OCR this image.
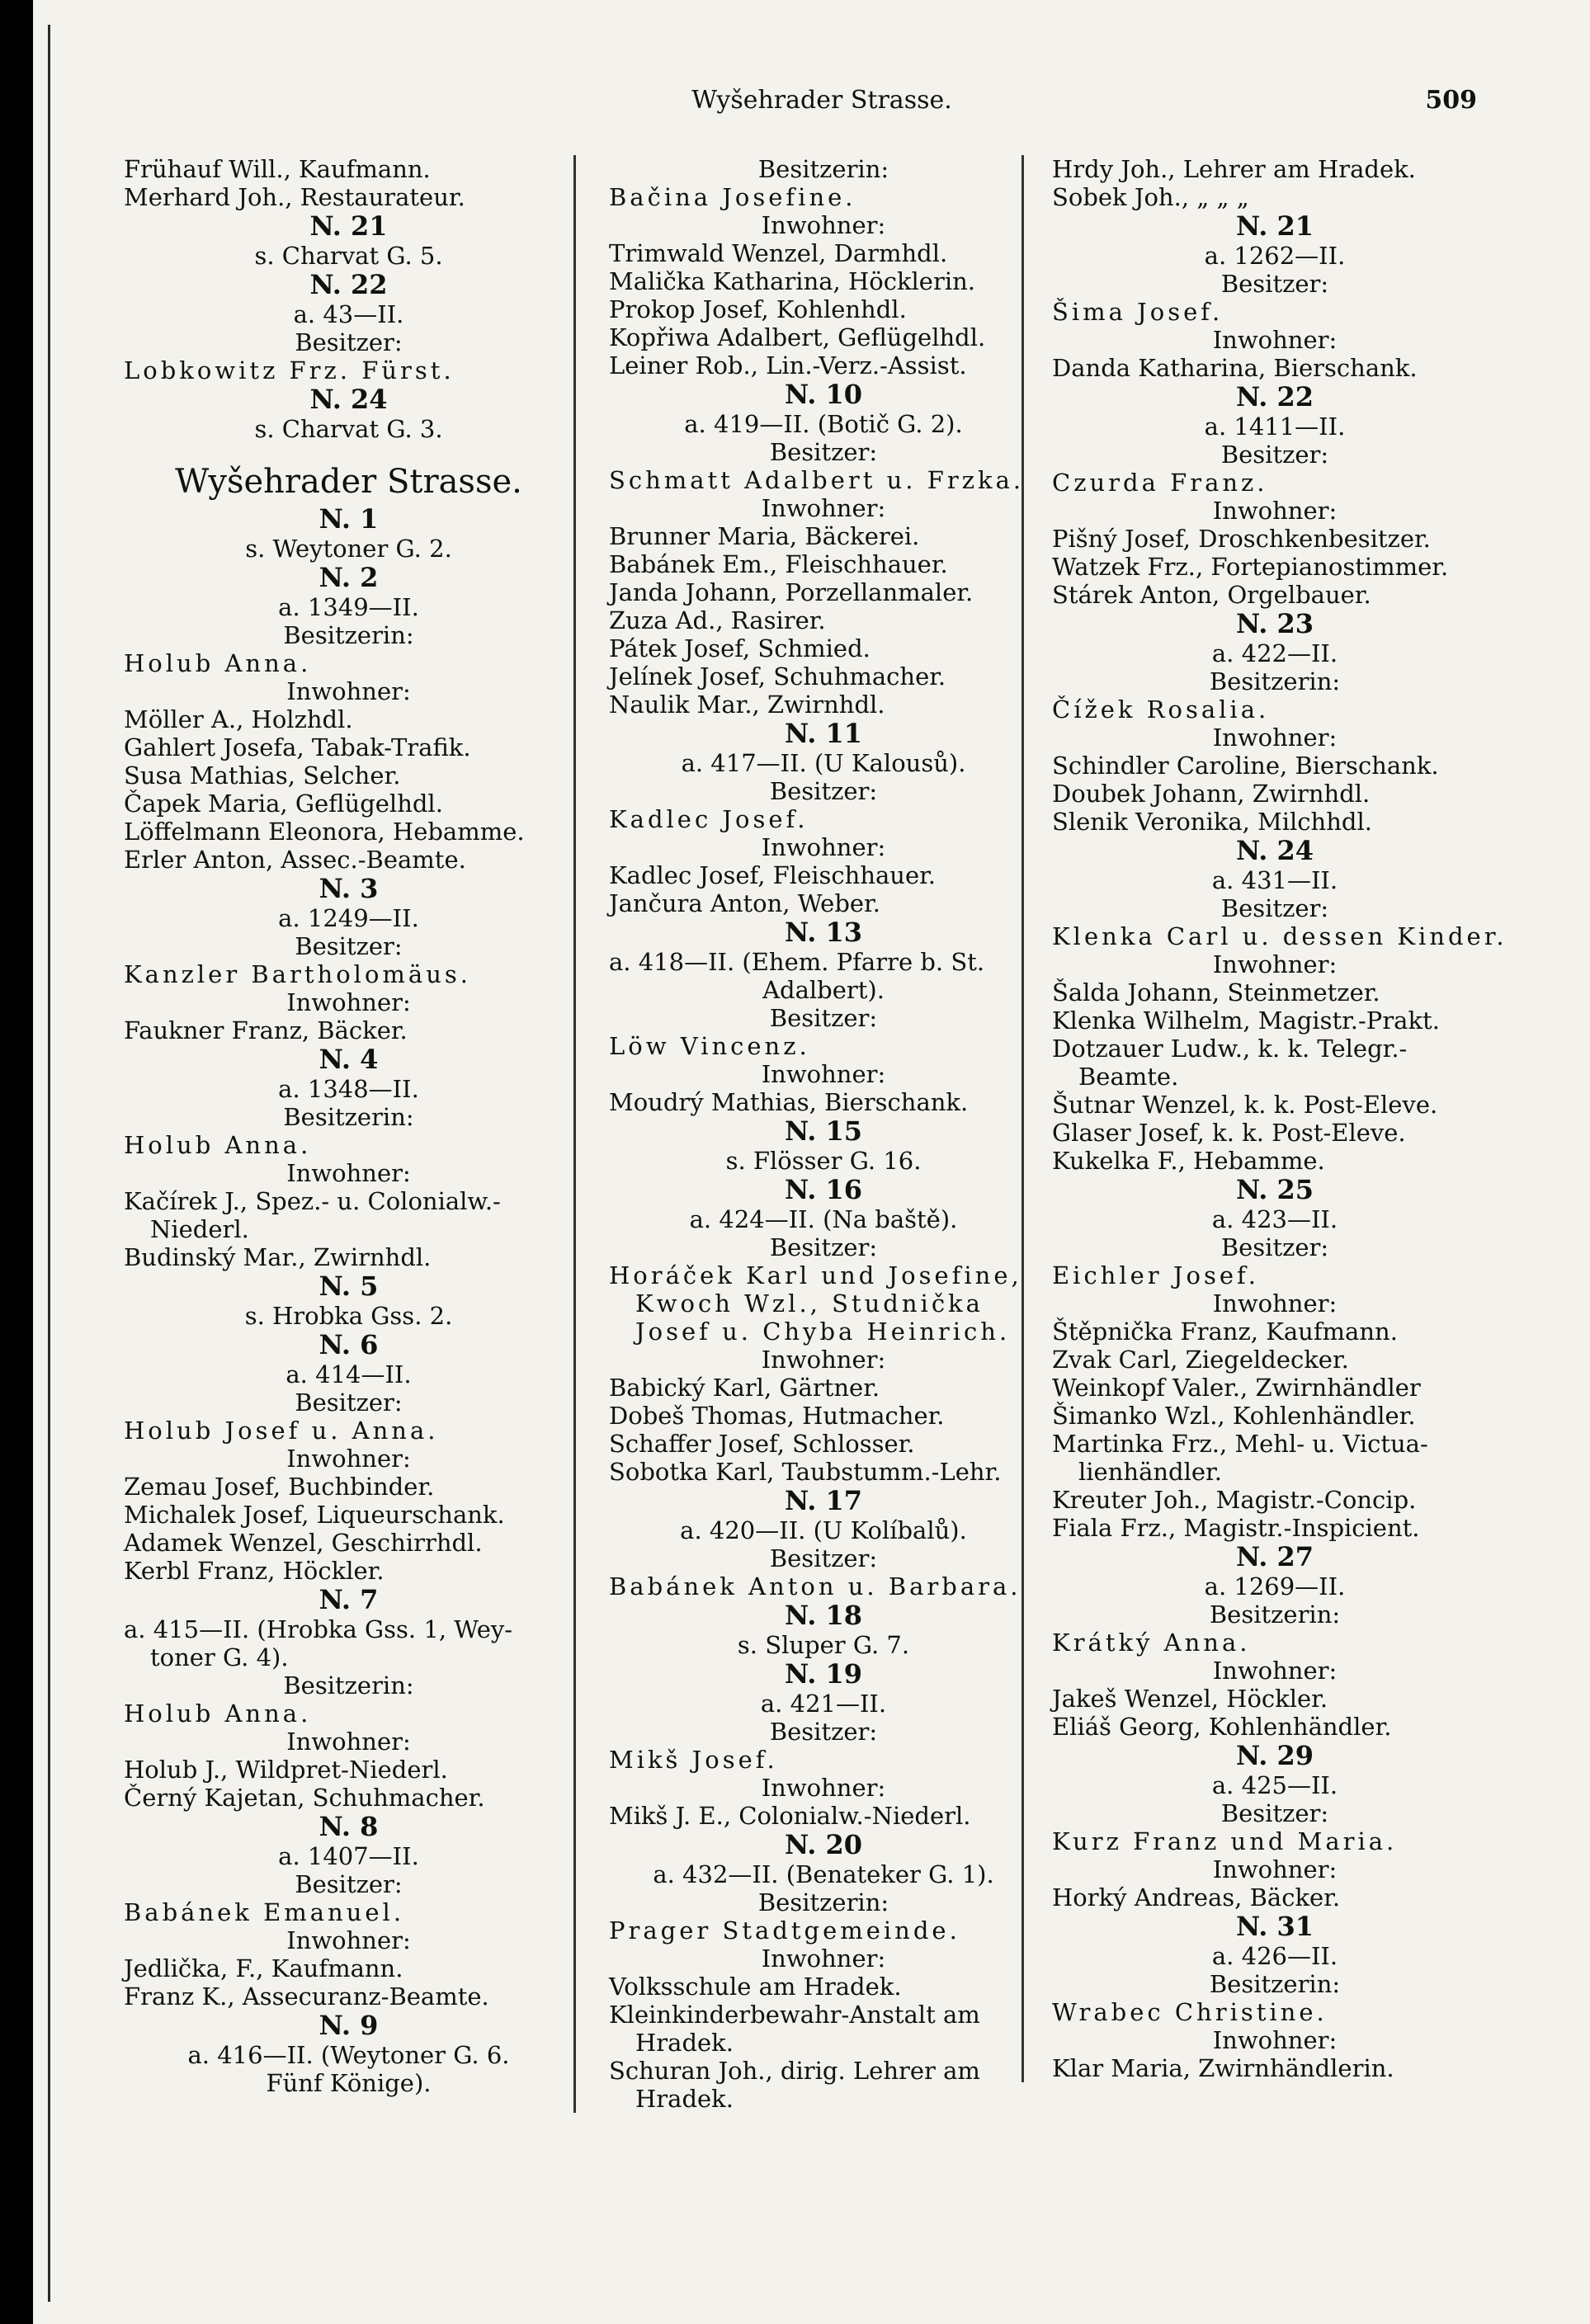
Wyšehrader Strasse.	509
Frühauf Will., Kaufmann.
Merhard Joh., Restaurateur.
N. 21
s. Charvat G. 5.
N. 22
a. 43—II.
Besitzer:
Lobkowitz Frz. Fürst.
N. 24
s. Charvat G. 3.
Wyšehrader Strasse.
N. 1
s. Weytoner G. 2.
N. 2
a. 1349—II.
Besitzerin:
Holub Anna.
Inwohner:
Möller A., Holzhdl.
Gahlert Josefa, Tabak-Trafik.
Susa Mathias, Selcher.
Čapek Maria, Geflügelhdl.
Löffelmann Eleonora, Hebamme.
Erler Anton, Assec.-Beamte.
N. 3
a. 1249—II.
Besitzer:
Kanzler Bartholomäus.
Inwohner:
Faukner Franz, Bäcker.
N. 4
a. 1348—II.
Besitzerin:
Holub Anna.
Inwohner:
Kačírek J., Spez.- u. Colonialw.-
Niederl.
Budinský Mar., Zwirnhdl.
N. 5
s. Hrobka Gss. 2.
N. 6
a. 414—II.
Besitzer:
Holub Josef u. Anna.
Inwohner:
Zemau Josef, Buchbinder.
Michalek Josef, Liqueurschank.
Adamek Wenzel, Geschirrhdl.
Kerbl Franz, Höckler.
N. 7
a. 415—II. (Hrobka Gss. 1, Wey-
toner G. 4).
Besitzerin:
Holub Anna.
Inwohner:
Holub J., Wildpret-Niederl.
Černý Kajetan, Schuhmacher.
N. 8
a. 1407—II.
Besitzer:
Babánek Emanuel.
Inwohner:
Jedlička, F., Kaufmann.
Franz K., Assecuranz-Beamte.
N. 9
a. 416—II. (Weytoner G. 6.
Fünf Könige).
Besitzerin:
Bačina Josefine.
Inwohner:
Trimwald Wenzel, Darmhdl.
Malička Katharina, Höcklerin.
Prokop Josef, Kohlenhdl.
Kopřiwa Adalbert, Geflügelhdl.
Leiner Rob., Lin.-Verz.-Assist.
N. 10
a. 419—II. (Botič G. 2).
Besitzer:
Schmatt Adalbert u. Frzka.
Inwohner:
Brunner Maria, Bäckerei.
Babánek Em., Fleischhauer.
Janda Johann, Porzellanmaler.
Zuza Ad., Rasirer.
Pátek Josef, Schmied.
Jelínek Josef, Schuhmacher.
Naulik Mar., Zwirnhdl.
N. 11
a. 417—II. (U Kalousů).
Besitzer:
Kadlec Josef.
Inwohner:
Kadlec Josef, Fleischhauer.
Jančura Anton, Weber.
N. 13
a. 418—II. (Ehem. Pfarre b. St.
Adalbert).
Besitzer:
Löw Vincenz.
Inwohner:
Moudrý Mathias, Bierschank.
N. 15
s. Flösser G. 16.
N. 16
a. 424—II. (Na baště).
Besitzer:
Horáček Karl und Josefine,
Kwoch Wzl., Studnička
Josef u. Chyba Heinrich.
Inwohner:
Babický Karl, Gärtner.
Dobeš Thomas, Hutmacher.
Schaffer Josef, Schlosser.
Sobotka Karl, Taubstumm.-Lehr.
N. 17
a. 420—II. (U Kolíbalů).
Besitzer:
Babánek Anton u. Barbara.
N. 18
s. Sluper G. 7.
N. 19
a. 421—II.
Besitzer:
Mikš Josef.
Inwohner:
Mikš J. E., Colonialw.-Niederl.
N. 20
a. 432—II. (Benateker G. 1).
Besitzerin:
Prager Stadtgemeinde.
Inwohner:
Volksschule am Hradek.
Kleinkinderbewahr-Anstalt am
Hradek.
Schuran Joh., dirig. Lehrer am
Hradek.
Hrdy Joh., Lehrer am Hradek.
Sobek Joh., „ „ „
N. 21
a. 1262—II.
Besitzer:
Šima Josef.
Inwohner:
Danda Katharina, Bierschank.
N. 22
a. 1411—II.
Besitzer:
Czurda Franz.
Inwohner:
Pišný Josef, Droschkenbesitzer.
Watzek Frz., Fortepianostimmer.
Stárek Anton, Orgelbauer.
N. 23
a. 422—II.
Besitzerin:
Čížek Rosalia.
Inwohner:
Schindler Caroline, Bierschank.
Doubek Johann, Zwirnhdl.
Slenik Veronika, Milchhdl.
N. 24
a. 431—II.
Besitzer:
Klenka Carl u. dessen Kinder.
Inwohner:
Šalda Johann, Steinmetzer.
Klenka Wilhelm, Magistr.-Prakt.
Dotzauer Ludw., k. k. Telegr.-
Beamte.
Šutnar Wenzel, k. k. Post-Eleve.
Glaser Josef, k. k. Post-Eleve.
Kukelka F., Hebamme.
N. 25
a. 423—II.
Besitzer:
Eichler Josef.
Inwohner:
Štěpnička Franz, Kaufmann.
Zvak Carl, Ziegeldecker.
Weinkopf Valer., Zwirnhändler
Šimanko Wzl., Kohlenhändler.
Martinka Frz., Mehl- u. Victua-
lienhändler.
Kreuter Joh., Magistr.-Concip.
Fiala Frz., Magistr.-Inspicient.
N. 27
a. 1269—II.
Besitzerin:
Krátký Anna.
Inwohner:
Jakeš Wenzel, Höckler.
Eliáš Georg, Kohlenhändler.
N. 29
a. 425—II.
Besitzer:
Kurz Franz und Maria.
Inwohner:
Horký Andreas, Bäcker.
N. 31
a. 426—II.
Besitzerin:
Wrabec Christine.
Inwohner:
Klar Maria, Zwirnhändlerin.
